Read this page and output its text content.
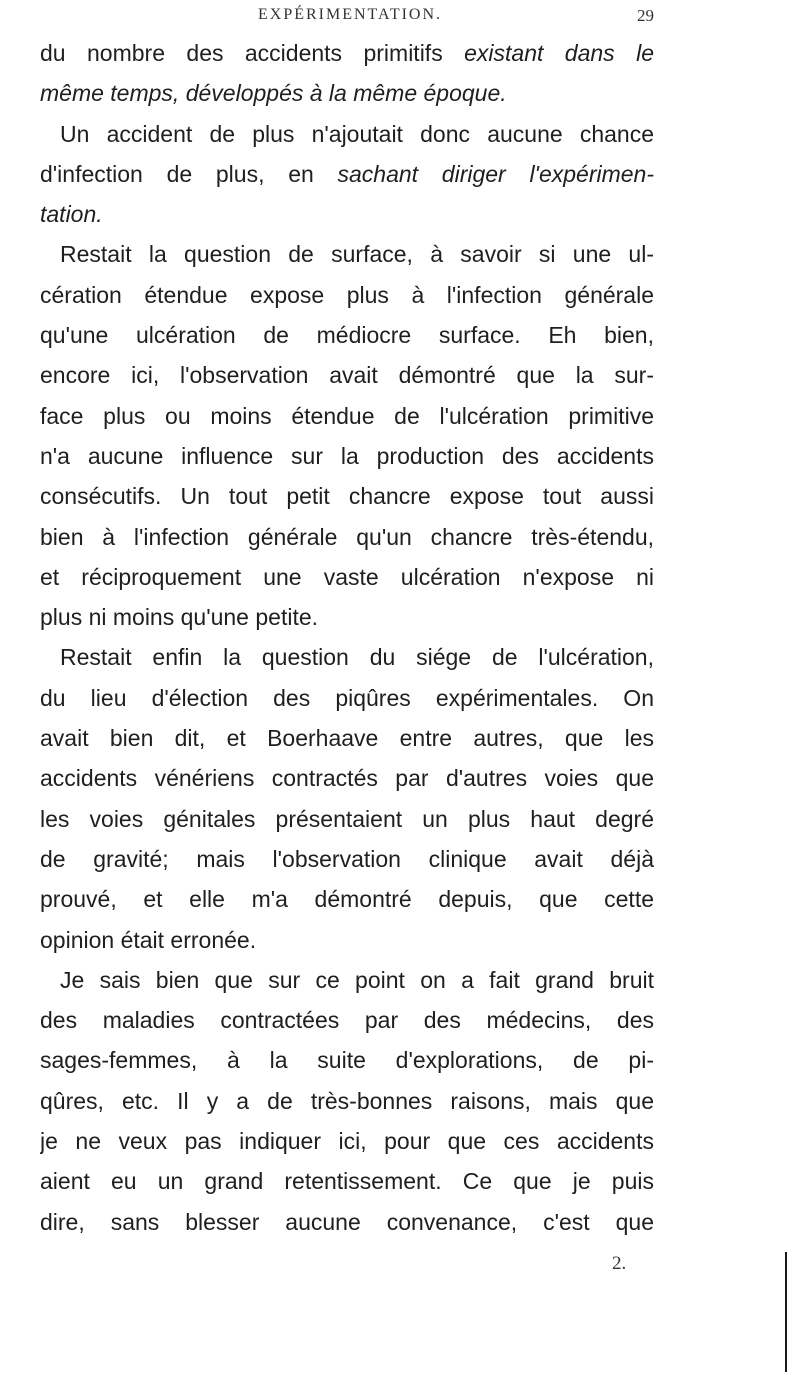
EXPÉRIMENTATION.	29
du nombre des accidents primitifs existant dans le
même temps, développés à la même époque.
Un accident de plus n'ajoutait donc aucune chance
d'infection de plus, en sachant diriger l'expérimen-
tation.
Restait la question de surface, à savoir si une ul-
cération étendue expose plus à l'infection générale
qu'une ulcération de médiocre surface. Eh bien,
encore ici, l'observation avait démontré que la sur-
face plus ou moins étendue de l'ulcération primitive
n'a aucune influence sur la production des accidents
consécutifs. Un tout petit chancre expose tout aussi
bien à l'infection générale qu'un chancre très-étendu,
et réciproquement une vaste ulcération n'expose ni
plus ni moins qu'une petite.
Restait enfin la question du siége de l'ulcération,
du lieu d'élection des piqûres expérimentales. On
avait bien dit, et Boerhaave entre autres, que les
accidents vénériens contractés par d'autres voies que
les voies génitales présentaient un plus haut degré
de gravité; mais l'observation clinique avait déjà
prouvé, et elle m'a démontré depuis, que cette
opinion était erronée.
Je sais bien que sur ce point on a fait grand bruit
des maladies contractées par des médecins, des
sages-femmes, à la suite d'explorations, de pi-
qûres, etc. Il y a de très-bonnes raisons, mais que
je ne veux pas indiquer ici, pour que ces accidents
aient eu un grand retentissement. Ce que je puis
dire, sans blesser aucune convenance, c'est que
2.
